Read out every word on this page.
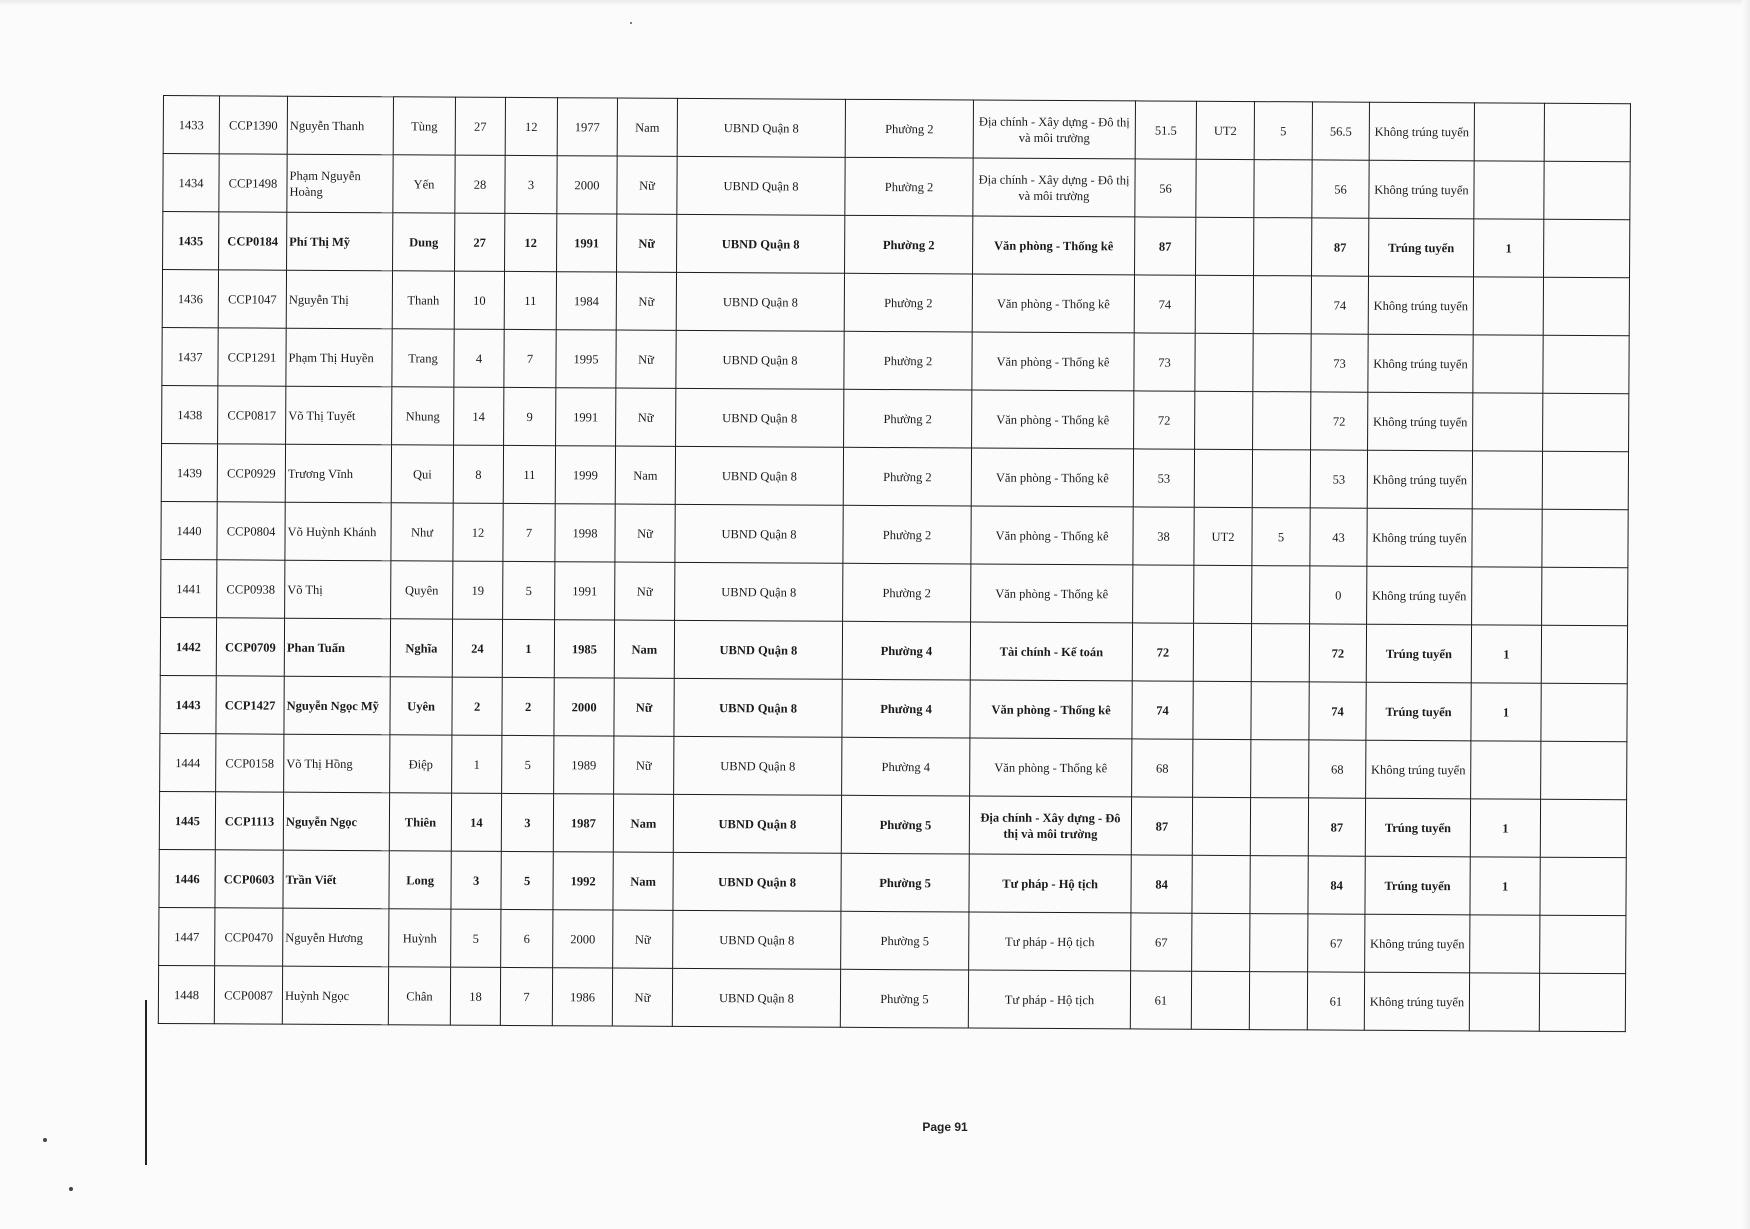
1433	CCP1390	Nguyễn Thanh	Tùng	27	12	1977	Nam	UBND Quận 8	Phường 2	Địa chính - Xây dựng - Đô thị và môi trường	51.5	UT2	5	56.5	Không trúng tuyển		
1434	CCP1498	Phạm Nguyễn Hoàng	Yến	28	3	2000	Nữ	UBND Quận 8	Phường 2	Địa chính - Xây dựng - Đô thị và môi trường	56			56	Không trúng tuyển		
1435	CCP0184	Phí Thị Mỹ	Dung	27	12	1991	Nữ	UBND Quận 8	Phường 2	Văn phòng - Thống kê	87			87	Trúng tuyển	1	
1436	CCP1047	Nguyễn Thị	Thanh	10	11	1984	Nữ	UBND Quận 8	Phường 2	Văn phòng - Thống kê	74			74	Không trúng tuyển		
1437	CCP1291	Phạm Thị Huyền	Trang	4	7	1995	Nữ	UBND Quận 8	Phường 2	Văn phòng - Thống kê	73			73	Không trúng tuyển		
1438	CCP0817	Võ Thị Tuyết	Nhung	14	9	1991	Nữ	UBND Quận 8	Phường 2	Văn phòng - Thống kê	72			72	Không trúng tuyển		
1439	CCP0929	Trương Vĩnh	Qui	8	11	1999	Nam	UBND Quận 8	Phường 2	Văn phòng - Thống kê	53			53	Không trúng tuyển		
1440	CCP0804	Võ Huỳnh Khánh	Như	12	7	1998	Nữ	UBND Quận 8	Phường 2	Văn phòng - Thống kê	38	UT2	5	43	Không trúng tuyển		
1441	CCP0938	Võ Thị	Quyên	19	5	1991	Nữ	UBND Quận 8	Phường 2	Văn phòng - Thống kê				0	Không trúng tuyển		
1442	CCP0709	Phan Tuấn	Nghĩa	24	1	1985	Nam	UBND Quận 8	Phường 4	Tài chính - Kế toán	72			72	Trúng tuyển	1	
1443	CCP1427	Nguyễn Ngọc Mỹ	Uyên	2	2	2000	Nữ	UBND Quận 8	Phường 4	Văn phòng - Thống kê	74			74	Trúng tuyển	1	
1444	CCP0158	Võ Thị Hồng	Điệp	1	5	1989	Nữ	UBND Quận 8	Phường 4	Văn phòng - Thống kê	68			68	Không trúng tuyển		
1445	CCP1113	Nguyễn Ngọc	Thiên	14	3	1987	Nam	UBND Quận 8	Phường 5	Địa chính - Xây dựng - Đô thị và môi trường	87			87	Trúng tuyển	1	
1446	CCP0603	Trần Viết	Long	3	5	1992	Nam	UBND Quận 8	Phường 5	Tư pháp - Hộ tịch	84			84	Trúng tuyển	1	
1447	CCP0470	Nguyễn Hương	Huỳnh	5	6	2000	Nữ	UBND Quận 8	Phường 5	Tư pháp - Hộ tịch	67			67	Không trúng tuyển		
1448	CCP0087	Huỳnh Ngọc	Chân	18	7	1986	Nữ	UBND Quận 8	Phường 5	Tư pháp - Hộ tịch	61			61	Không trúng tuyển		
Page 91
